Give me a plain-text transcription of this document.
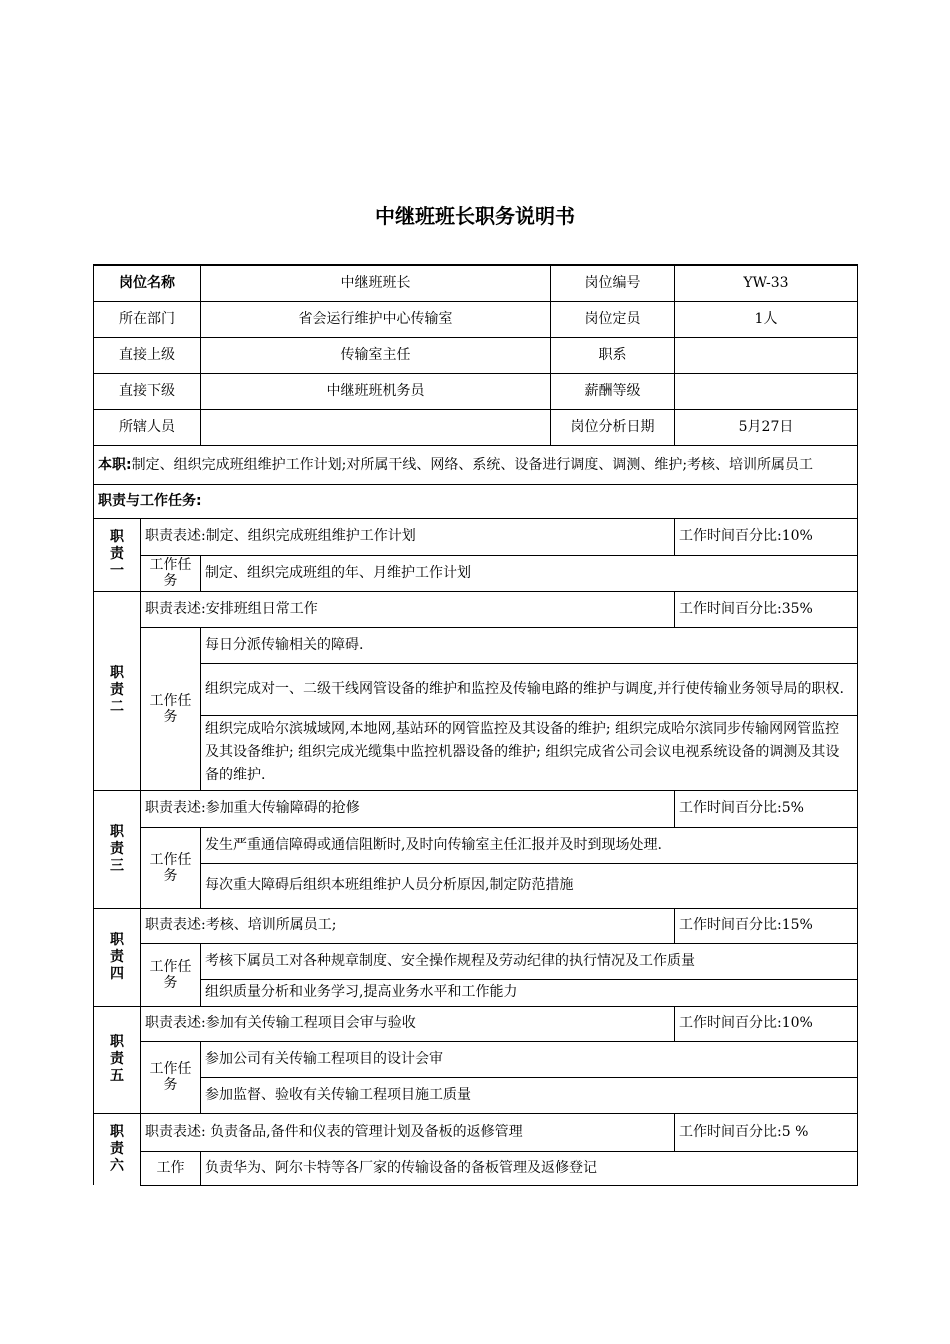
中继班班长职务说明书
岗位名称		中继班班长	岗位编号	YW-33
所在部门		省会运行维护中心传输室	岗位定员	1人
直接上级		传输室主任	职系	
直接下级		中继班班机务员	薪酬等级	
所辖人员			岗位分析日期	5月27日
本职:制定、组织完成班组维护工作计划;对所属干线、网络、系统、设备进行调度、调测、维护;考核、培训所属员工				
职责与工作任务:				

职
责
一	职责表述:制定、组织完成班组维护工作计划			工作时间百分比:10%
	工作任务	制定、组织完成班组的年、月维护工作计划		

职
责
二	职责表述:安排班组日常工作			工作时间百分比:35%
	工作任务	每日分派传输相关的障碍.		
		组织完成对一、二级干线网管设备的维护和监控及传输电路的维护与调度,并行使传输业务领导局的职权.		
		组织完成哈尔滨城域网,本地网,基站环的网管监控及其设备的维护; 组织完成哈尔滨同步传输网网管监控及其设备维护; 组织完成光缆集中监控机器设备的维护; 组织完成省公司会议电视系统设备的调测及其设备的维护.		

职
责
三	职责表述:参加重大传输障碍的抢修			工作时间百分比:5%
	工作任务	发生严重通信障碍或通信阻断时,及时向传输室主任汇报并及时到现场处理.		
		每次重大障碍后组织本班组维护人员分析原因,制定防范措施		

职
责
四	职责表述:考核、培训所属员工;			工作时间百分比:15%
	工作任务	考核下属员工对各种规章制度、安全操作规程及劳动纪律的执行情况及工作质量		
		组织质量分析和业务学习,提高业务水平和工作能力		

职
责
五	职责表述:参加有关传输工程项目会审与验收			工作时间百分比:10%
	工作任务	参加公司有关传输工程项目的设计会审		
		参加监督、验收有关传输工程项目施工质量		

职
责
六	职责表述: 负责备品,备件和仪表的管理计划及备板的返修管理			工作时间百分比:5 %
	工作	负责华为、阿尔卡特等各厂家的传输设备的备板管理及返修登记		
